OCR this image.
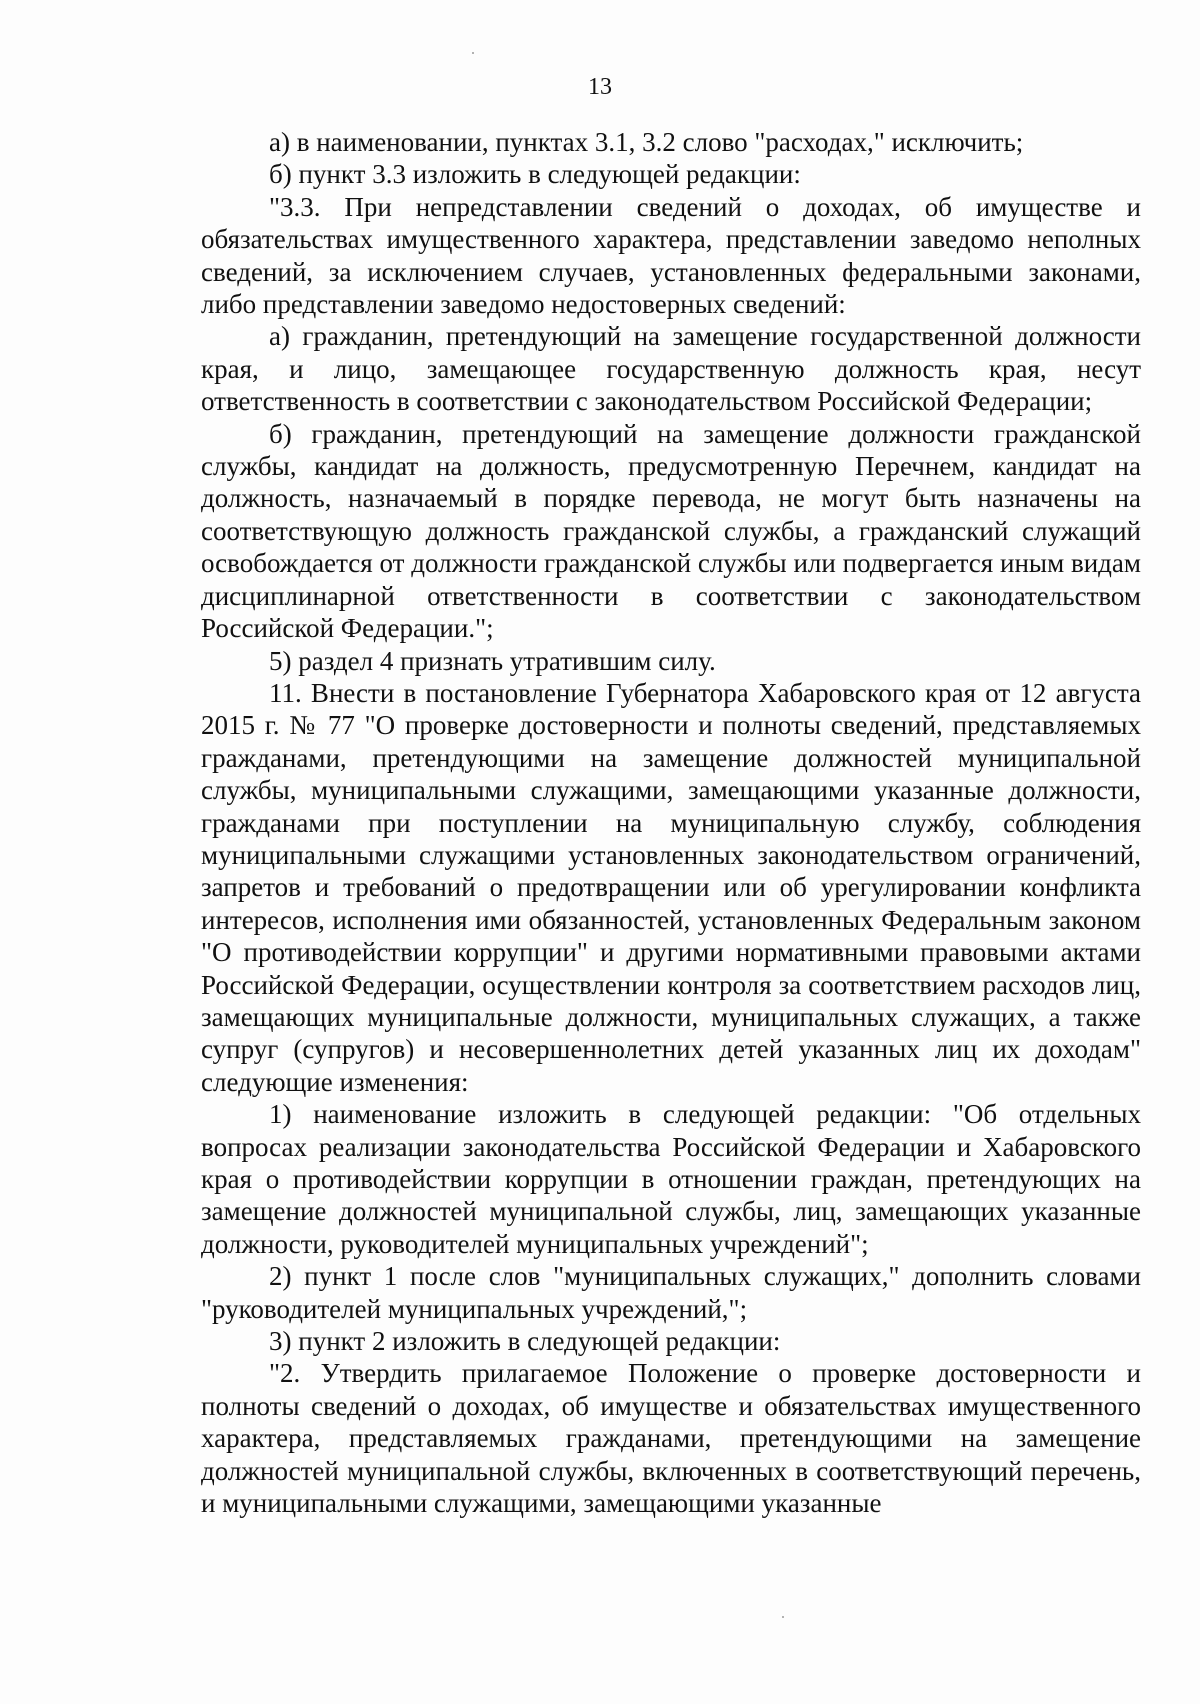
13

а) в наименовании, пунктах 3.1, 3.2 слово "расходах," исключить;

б) пункт 3.3 изложить в следующей редакции:

"3.3. При непредставлении сведений о доходах, об имуществе и обязательствах имущественного характера, представлении заведомо неполных сведений, за исключением случаев, установленных федеральными законами, либо представлении заведомо недостоверных сведений:

а) гражданин, претендующий на замещение государственной должности края, и лицо, замещающее государственную должность края, несут ответственность в соответствии с законодательством Российской Федерации;

б) гражданин, претендующий на замещение должности гражданской службы, кандидат на должность, предусмотренную Перечнем, кандидат на должность, назначаемый в порядке перевода, не могут быть назначены на соответствующую должность гражданской службы, а гражданский служащий освобождается от должности гражданской службы или подвергается иным видам дисциплинарной ответственности в соответствии с законодательством Российской Федерации.";

5) раздел 4 признать утратившим силу.

11. Внести в постановление Губернатора Хабаровского края от 12 августа 2015 г. № 77 "О проверке достоверности и полноты сведений, представляемых гражданами, претендующими на замещение должностей муниципальной службы, муниципальными служащими, замещающими указанные должности, гражданами при поступлении на муниципальную службу, соблюдения муниципальными служащими установленных законодательством ограничений, запретов и требований о предотвращении или об урегулировании конфликта интересов, исполнения ими обязанностей, установленных Федеральным законом "О противодействии коррупции" и другими нормативными правовыми актами Российской Федерации, осуществлении контроля за соответствием расходов лиц, замещающих муниципальные должности, муниципальных служащих, а также супруг (супругов) и несовершеннолетних детей указанных лиц их доходам" следующие изменения:

1) наименование изложить в следующей редакции: "Об отдельных вопросах реализации законодательства Российской Федерации и Хабаровского края о противодействии коррупции в отношении граждан, претендующих на замещение должностей муниципальной службы, лиц, замещающих указанные должности, руководителей муниципальных учреждений";

2) пункт 1 после слов "муниципальных служащих," дополнить словами "руководителей муниципальных учреждений,";

3) пункт 2 изложить в следующей редакции:

"2. Утвердить прилагаемое Положение о проверке достоверности и полноты сведений о доходах, об имуществе и обязательствах имущественного характера, представляемых гражданами, претендующими на замещение должностей муниципальной службы, включенных в соответствующий перечень, и муниципальными служащими, замещающими указанные
